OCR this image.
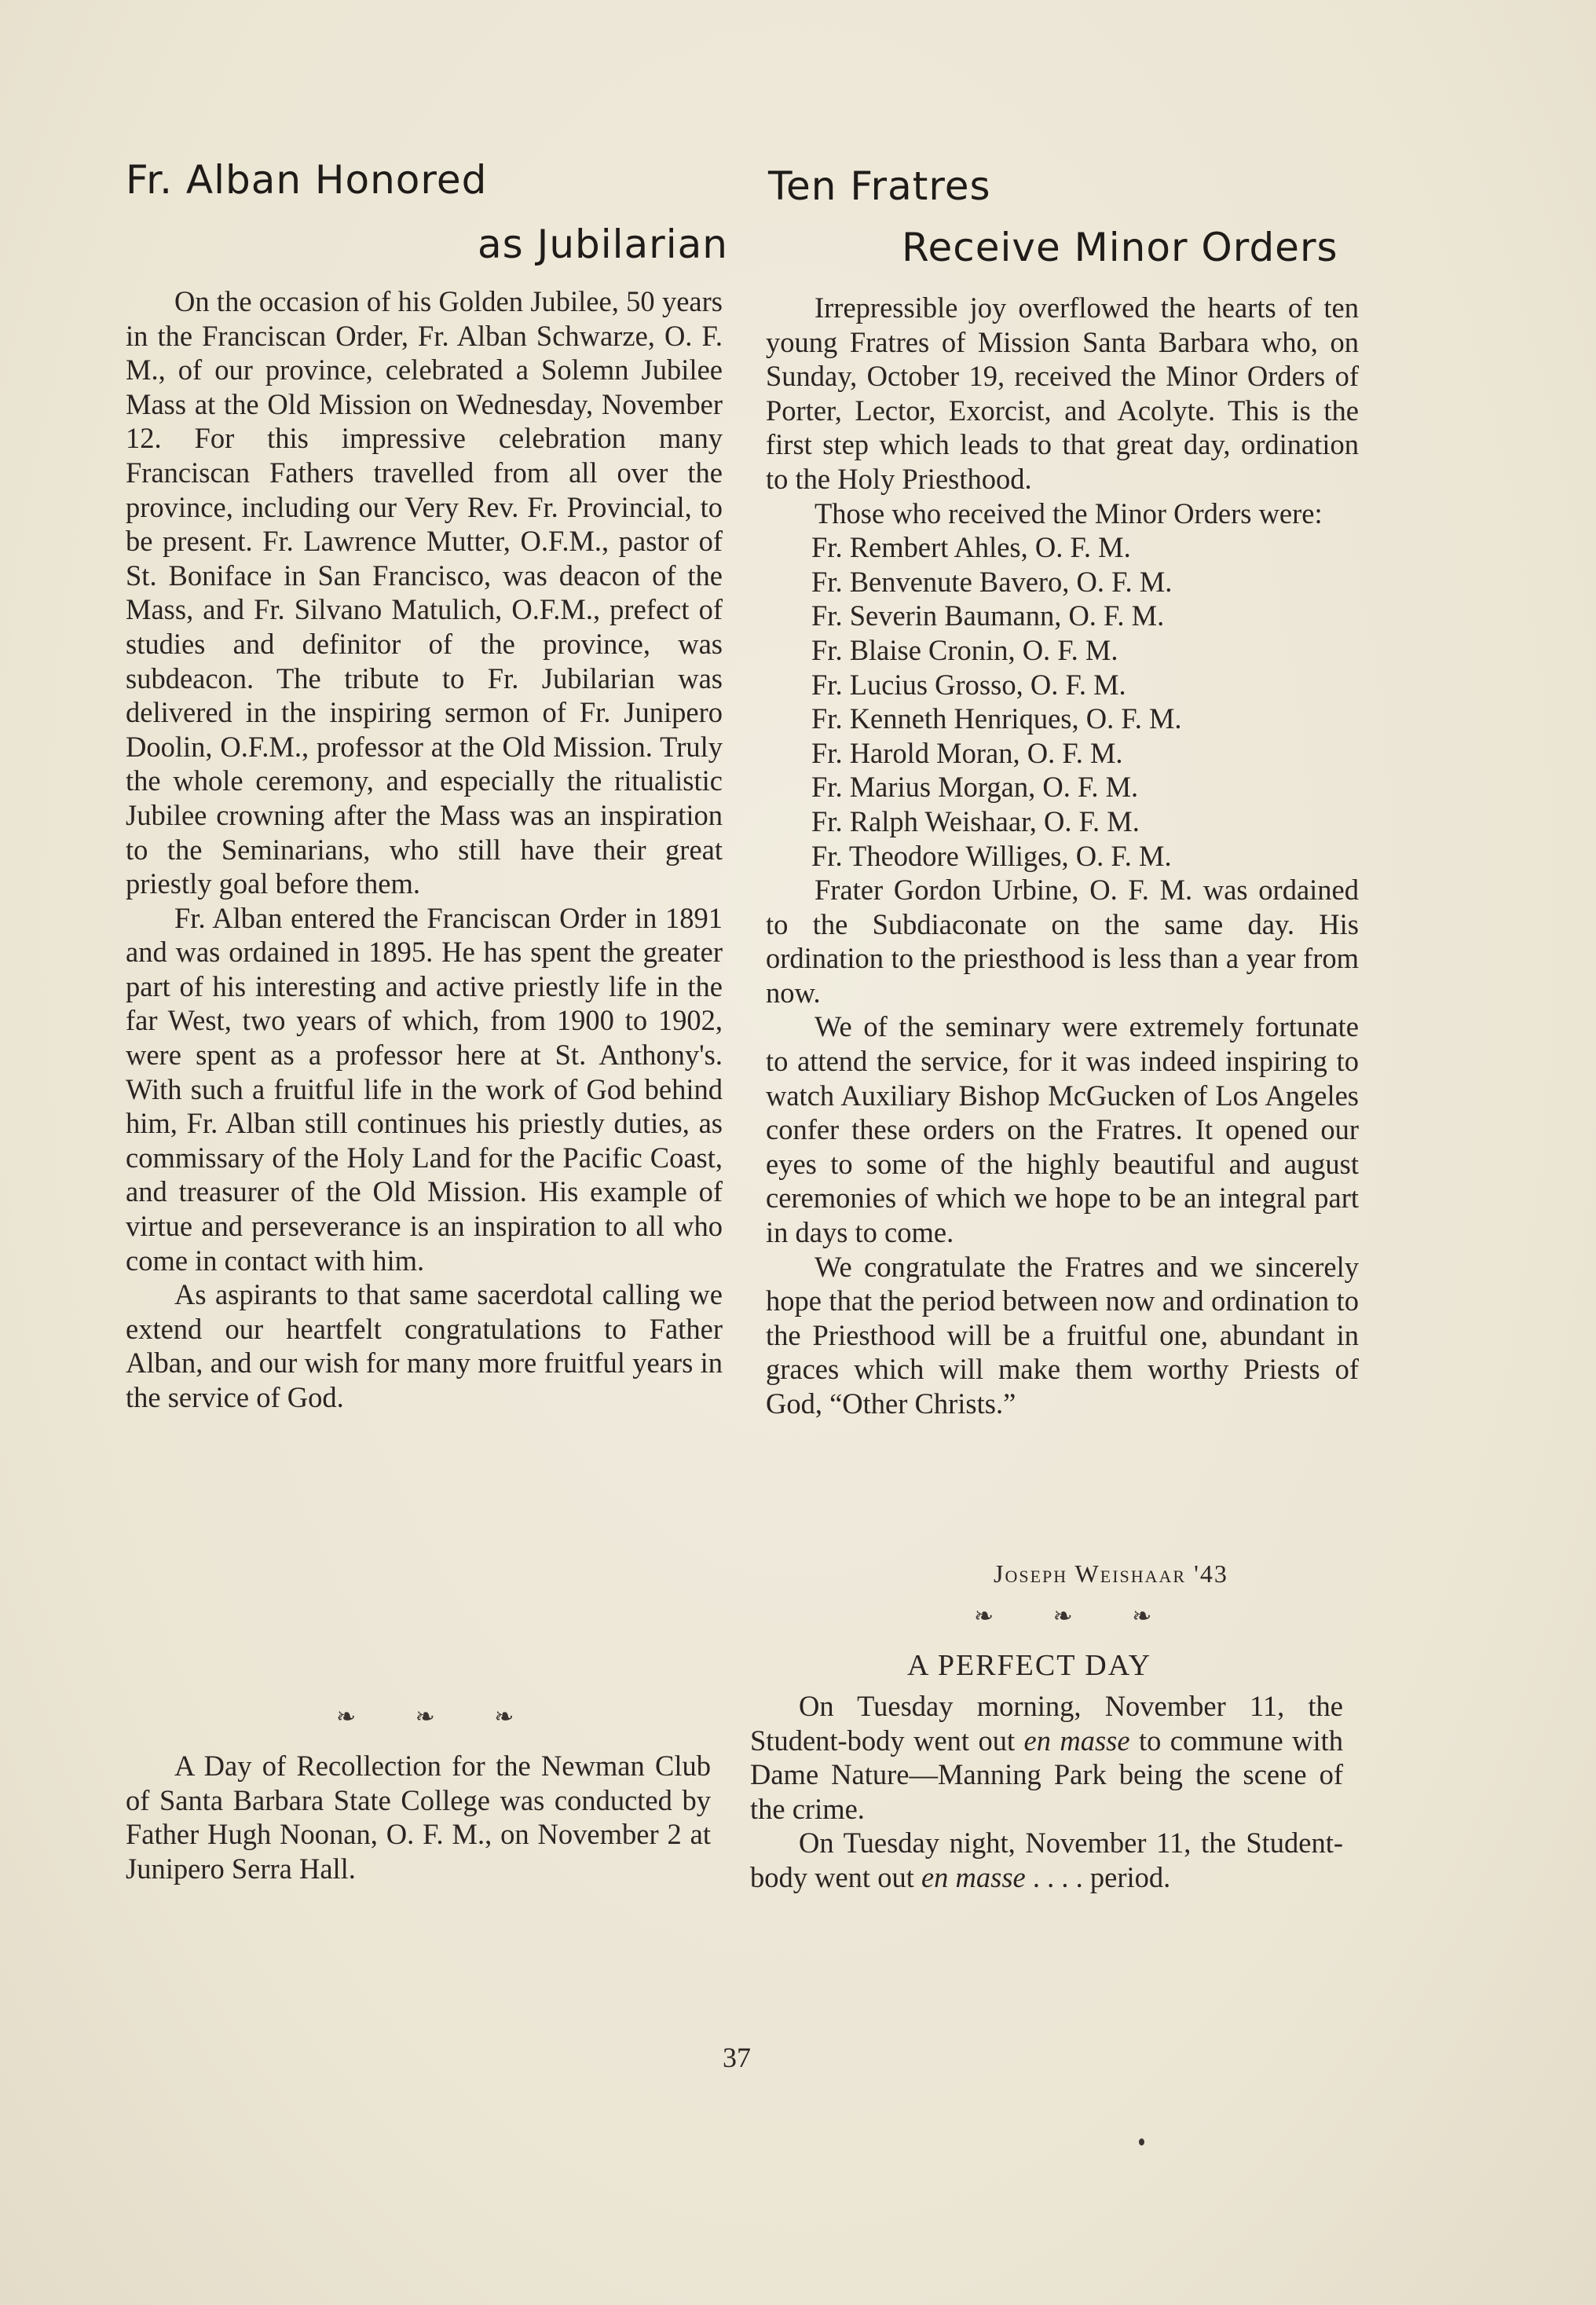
Fr. Alban Honored
as Jubilarian

On the occasion of his Golden Jubilee, 50 years in the Franciscan Order, Fr. Alban Schwarze, O. F. M., of our province, celebrated a Solemn Jubilee Mass at the Old Mission on Wednesday, November 12. For this impressive celebration many Franciscan Fathers travelled from all over the province, including our Very Rev. Fr. Provincial, to be present. Fr. Lawrence Mutter, O.F.M., pastor of St. Boniface in San Francisco, was deacon of the Mass, and Fr. Silvano Matulich, O.F.M., prefect of studies and definitor of the province, was subdeacon. The tribute to Fr. Jubilarian was delivered in the inspiring sermon of Fr. Junipero Doolin, O.F.M., professor at the Old Mission. Truly the whole ceremony, and especially the ritualistic Jubilee crowning after the Mass was an inspiration to the Seminarians, who still have their great priestly goal before them.

Fr. Alban entered the Franciscan Order in 1891 and was ordained in 1895. He has spent the greater part of his interesting and active priestly life in the far West, two years of which, from 1900 to 1902, were spent as a professor here at St. Anthony's. With such a fruitful life in the work of God behind him, Fr. Alban still continues his priestly duties, as commissary of the Holy Land for the Pacific Coast, and treasurer of the Old Mission. His example of virtue and perseverance is an inspiration to all who come in contact with him.

As aspirants to that same sacerdotal calling we extend our heartfelt congratulations to Father Alban, and our wish for many more fruitful years in the service of God.

❧ ❧ ❧

A Day of Recollection for the Newman Club of Santa Barbara State College was conducted by Father Hugh Noonan, O. F. M., on November 2 at Junipero Serra Hall.

Ten Fratres
Receive Minor Orders

Irrepressible joy overflowed the hearts of ten young Fratres of Mission Santa Barbara who, on Sunday, October 19, received the Minor Orders of Porter, Lector, Exorcist, and Acolyte. This is the first step which leads to that great day, ordination to the Holy Priesthood.

Those who received the Minor Orders were:

Fr. Rembert Ahles, O. F. M.
Fr. Benvenute Bavero, O. F. M.
Fr. Severin Baumann, O. F. M.
Fr. Blaise Cronin, O. F. M.
Fr. Lucius Grosso, O. F. M.
Fr. Kenneth Henriques, O. F. M.
Fr. Harold Moran, O. F. M.
Fr. Marius Morgan, O. F. M.
Fr. Ralph Weishaar, O. F. M.
Fr. Theodore Williges, O. F. M.

Frater Gordon Urbine, O. F. M. was ordained to the Subdiaconate on the same day. His ordination to the priesthood is less than a year from now.

We of the seminary were extremely fortunate to attend the service, for it was indeed inspiring to watch Auxiliary Bishop McGucken of Los Angeles confer these orders on the Fratres. It opened our eyes to some of the highly beautiful and august ceremonies of which we hope to be an integral part in days to come.

We congratulate the Fratres and we sincerely hope that the period between now and ordination to the Priesthood will be a fruitful one, abundant in graces which will make them worthy Priests of God, “Other Christs.”

Joseph Weishaar '43
❧ ❧ ❧
A PERFECT DAY

On Tuesday morning, November 11, the Student-body went out en masse to commune with Dame Nature—Manning Park being the scene of the crime.

On Tuesday night, November 11, the Student-body went out en masse . . . . period.

37
